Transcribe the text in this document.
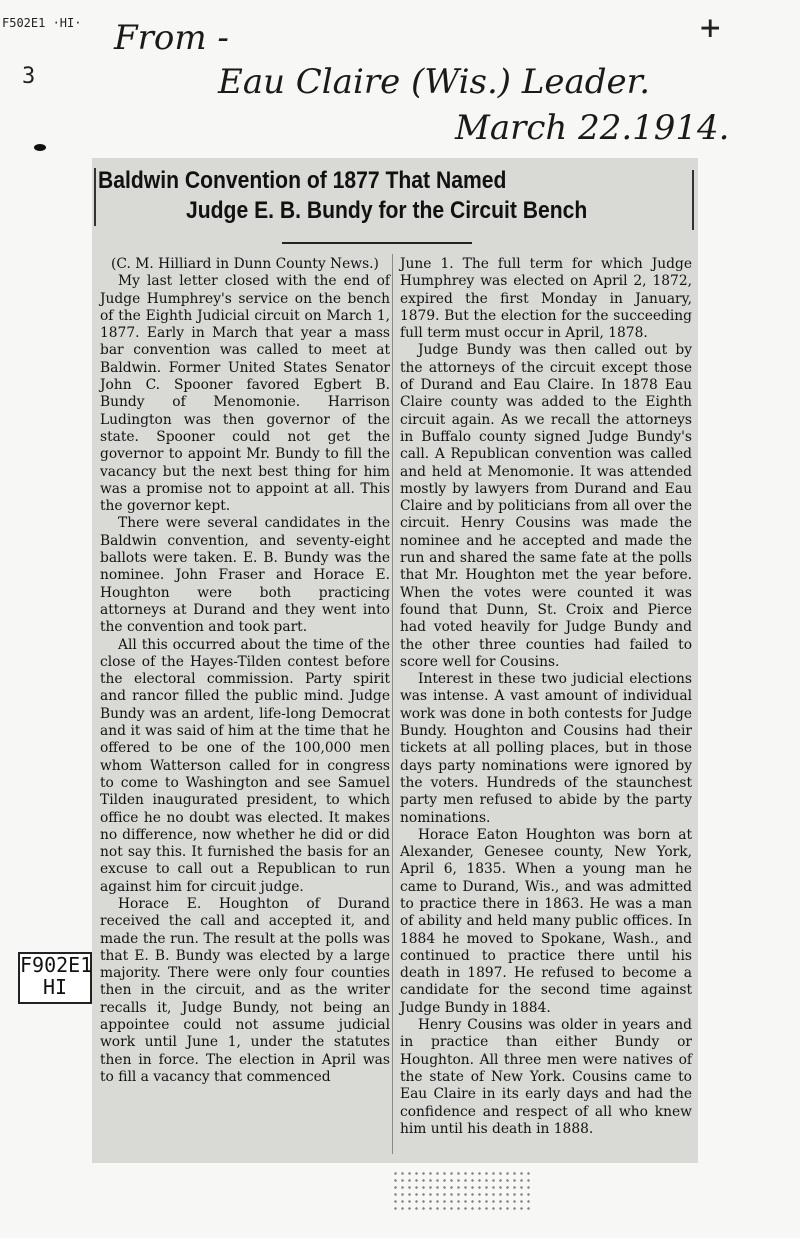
F502E1 ·HI·
3
+
From -
Eau Claire (Wis.) Leader.
March 22.1914.
F902E1
HI
Baldwin Convention of 1877 That Named
Judge E. B. Bundy for the Circuit Bench

(C. M. Hilliard in Dunn County News.)

My last letter closed with the end of Judge Humphrey's service on the bench of the Eighth Judicial circuit on March 1, 1877. Early in March that year a mass bar convention was called to meet at Baldwin. Former United States Senator John C. Spooner favored Egbert B. Bundy of Menomonie. Harrison Ludington was then governor of the state. Spooner could not get the governor to appoint Mr. Bundy to fill the vacancy but the next best thing for him was a promise not to appoint at all. This the governor kept.

There were several candidates in the Baldwin convention, and seventy-eight ballots were taken. E. B. Bundy was the nominee. John Fraser and Horace E. Houghton were both practicing attorneys at Durand and they went into the convention and took part.

All this occurred about the time of the close of the Hayes-Tilden contest before the electoral commission. Party spirit and rancor filled the public mind. Judge Bundy was an ardent, life-long Democrat and it was said of him at the time that he offered to be one of the 100,000 men whom Watterson called for in congress to come to Washington and see Samuel Tilden inaugurated president, to which office he no doubt was elected. It makes no difference, now whether he did or did not say this. It furnished the basis for an excuse to call out a Republican to run against him for circuit judge.

Horace E. Houghton of Durand received the call and accepted it, and made the run. The result at the polls was that E. B. Bundy was elected by a large majority. There were only four counties then in the circuit, and as the writer recalls it, Judge Bundy, not being an appointee could not assume judicial work until June 1, under the statutes then in force. The election in April was to fill a vacancy that commenced

June 1. The full term for which Judge Humphrey was elected on April 2, 1872, expired the first Monday in January, 1879. But the election for the succeeding full term must occur in April, 1878.

Judge Bundy was then called out by the attorneys of the circuit except those of Durand and Eau Claire. In 1878 Eau Claire county was added to the Eighth circuit again. As we recall the attorneys in Buffalo county signed Judge Bundy's call. A Republican convention was called and held at Menomonie. It was attended mostly by lawyers from Durand and Eau Claire and by politicians from all over the circuit. Henry Cousins was made the nominee and he accepted and made the run and shared the same fate at the polls that Mr. Houghton met the year before. When the votes were counted it was found that Dunn, St. Croix and Pierce had voted heavily for Judge Bundy and the other three counties had failed to score well for Cousins.

Interest in these two judicial elections was intense. A vast amount of individual work was done in both contests for Judge Bundy. Houghton and Cousins had their tickets at all polling places, but in those days party nominations were ignored by the voters. Hundreds of the staunchest party men refused to abide by the party nominations.

Horace Eaton Houghton was born at Alexander, Genesee county, New York, April 6, 1835. When a young man he came to Durand, Wis., and was admitted to practice there in 1863. He was a man of ability and held many public offices. In 1884 he moved to Spokane, Wash., and continued to practice there until his death in 1897. He refused to become a candidate for the second time against Judge Bundy in 1884.

Henry Cousins was older in years and in practice than either Bundy or Houghton. All three men were natives of the state of New York. Cousins came to Eau Claire in its early days and had the confidence and respect of all who knew him until his death in 1888.
